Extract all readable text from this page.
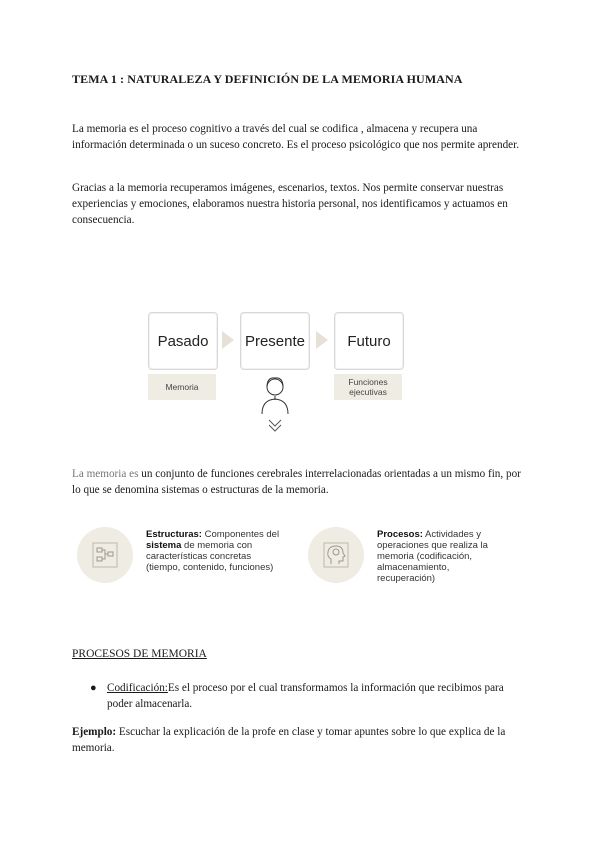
TEMA 1 : NATURALEZA Y DEFINICIÓN DE LA MEMORIA HUMANA
La memoria es el proceso cognitivo a través del cual se codifica , almacena y recupera una información determinada o un suceso concreto. Es el proceso psicológico que nos permite aprender.
Gracias a la memoria recuperamos imágenes, escenarios, textos. Nos permite conservar nuestras experiencias y emociones, elaboramos nuestra historia personal, nos identificamos y actuamos en consecuencia.
Pasado	Presente	Futuro
Memoria	Funciones ejecutivas
La memoria es un conjunto de funciones cerebrales interrelacionadas orientadas a un mismo fin, por lo que se denomina sistemas o estructuras de la memoria.
Estructuras: Componentes del sistema de memoria con características concretas (tiempo, contenido, funciones)
Procesos: Actividades y operaciones que realiza la memoria (codificación, almacenamiento, recuperación)
PROCESOS DE MEMORIA
● Codificación:Es el proceso por el cual transformamos la información que recibimos para poder almacenarla.
Ejemplo: Escuchar la explicación de la profe en clase y tomar apuntes sobre lo que explica de la memoria.
